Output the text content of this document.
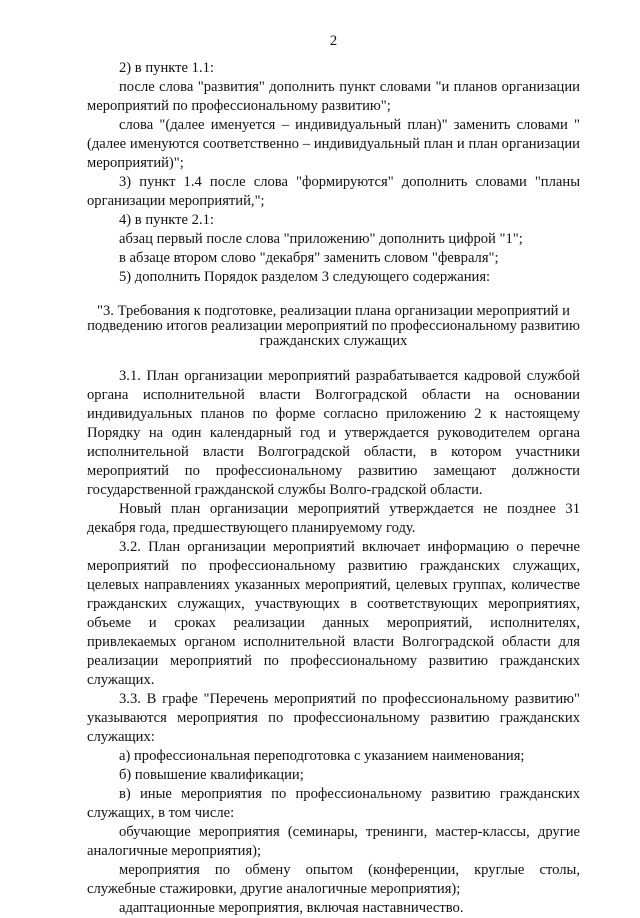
2

2) в пункте 1.1:

после слова "развития" дополнить пункт словами "и планов организации мероприятий по профессиональному развитию";

слова "(далее именуется – индивидуальный план)" заменить словами "(далее именуются соответственно – индивидуальный план и план организации мероприятий)";

3) пункт 1.4 после слова "формируются" дополнить словами "планы организации мероприятий,";

4) в пункте 2.1:

абзац первый после слова "приложению" дополнить цифрой "1";

в абзаце втором слово "декабря" заменить словом "февраля";

5) дополнить Порядок разделом 3 следующего содержания:

"3. Требования к подготовке, реализации плана организации мероприятий и подведению итогов реализации мероприятий по профессиональному развитию гражданских служащих

3.1. План организации мероприятий разрабатывается кадровой службой органа исполнительной власти Волгоградской области на основании индивидуальных планов по форме согласно приложению 2 к настоящему Порядку на один календарный год и утверждается руководителем органа исполнительной власти Волгоградской области, в котором участники мероприятий по профессиональному развитию замещают должности государственной гражданской службы Волго-градской области.

Новый план организации мероприятий утверждается не позднее 31 декабря года, предшествующего планируемому году.

3.2. План организации мероприятий включает информацию о перечне мероприятий по профессиональному развитию гражданских служащих, целевых направлениях указанных мероприятий, целевых группах, количестве гражданских служащих, участвующих в соответствующих мероприятиях, объеме и сроках реализации данных мероприятий, исполнителях, привлекаемых органом исполнительной власти Волгоградской области для реализации мероприятий по профессиональному развитию гражданских служащих.

3.3. В графе "Перечень мероприятий по профессиональному развитию" указываются мероприятия по профессиональному развитию гражданских служащих:

а) профессиональная переподготовка с указанием наименования;

б) повышение квалификации;

в) иные мероприятия по профессиональному развитию гражданских служащих, в том числе:

обучающие мероприятия (семинары, тренинги, мастер-классы, другие аналогичные мероприятия);

мероприятия по обмену опытом (конференции, круглые столы, служебные стажировки, другие аналогичные мероприятия);

адаптационные мероприятия, включая наставничество.
